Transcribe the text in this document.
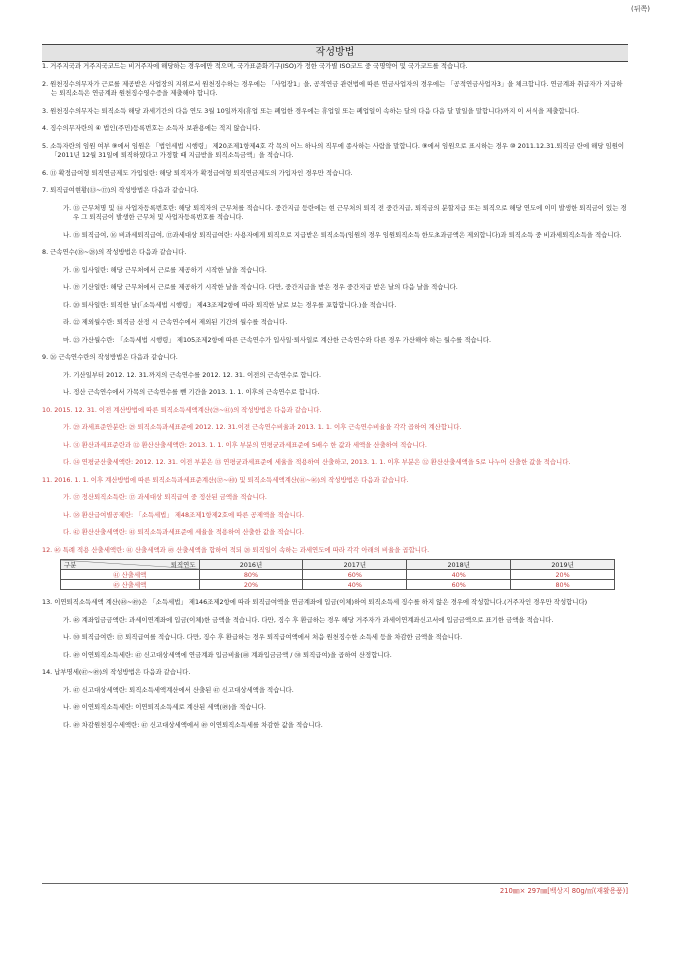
(뒤쪽)
작성방법

1. 거주지국과 거주지국코드는 비거주자에 해당하는 경우에만 적으며, 국가표준화기구(ISO)가 정한 국가별 ISO코드 중 국명약어 및 국가코드를 적습니다.

2. 원천징수의무자가 근로를 제공받은 사업장의 지위로서 원천징수하는 경우에는 「사업장1」을, 공적연금 관련법에 따른 연금사업자의 경우에는 「공적연금사업자3」을 체크합니다. 연금계좌 취급자가 지급하는 퇴직소득은 연금계좌 원천징수영수증을 제출해야 합니다.

3. 원천징수의무자는 퇴직소득 해당 과세기간의 다음 연도 3월 10일까지(휴업 또는 폐업한 경우에는 휴업일 또는 폐업일이 속하는 달의 다음 다음 달 말일을 말합니다)까지 이 서식을 제출합니다.

4. 징수의무자란의 ④ 법인(주민)등록번호는 소득자 보관용에는 적지 않습니다.

5. 소득자란의 임원 여부 ⑨에서 임원은 「법인세법 시행령」 제20조제1항제4호 각 목의 어느 하나의 직무에 종사하는 사람을 말합니다. ⑨에서 임원으로 표시하는 경우 ⑩ 2011.12.31.퇴직금 란에 해당 임원이 「2011년 12월 31일에 퇴직하였다고 가정할 때 지급받을 퇴직소득금액」을 적습니다.

6. ⑪ 확정급여형 퇴직연금제도 가입일란: 해당 퇴직자가 확정급여형 퇴직연금제도의 가입자인 경우만 적습니다.

7. 퇴직급여현황(⑬~⑰)의 작성방법은 다음과 같습니다.

가. ⑬ 근무처명 및 ⑭ 사업자등록번호란: 해당 퇴직자의 근무처를 적습니다. 중간지급 등란에는 현 근무처의 퇴직 전 중간지급, 퇴직금의 분할지급 또는 퇴직으로 해당 연도에 이미 발생한 퇴직금이 있는 경우 그 퇴직금이 발생한 근무처 및 사업자등록번호를 적습니다.

나. ⑮ 퇴직급여, ⑯ 비과세퇴직급여, ⑰과세대상 퇴직급여란: 사용자에게 퇴직으로 지급받은 퇴직소득(임원의 경우 임원퇴직소득 한도초과금액은 제외합니다)과 퇴직소득 중 비과세퇴직소득을 적습니다.

8. 근속연수(⑱~㉘)의 작성방법은 다음과 같습니다.

가. ⑱ 입사일란: 해당 근무처에서 근로를 제공하기 시작한 날을 적습니다.

나. ⑲ 기산일란: 해당 근무처에서 근로를 제공하기 시작한 날을 적습니다. 다만, 중간지급을 받은 경우 중간지급 받은 날의 다음 날을 적습니다.

다. ⑳ 퇴사일란: 퇴직한 날(「소득세법 시행령」 제43조제2항에 따라 퇴직한 날로 보는 경우를 포함합니다.)을 적습니다.

라. ㉒ 제외월수란: 퇴직금 산정 시 근속연수에서 제외된 기간의 월수를 적습니다.

마. ㉓ 가산월수란: 「소득세법 시행령」 제105조제2항에 따른 근속연수가 입사일·퇴사일로 계산한 근속연수와 다른 경우 가산해야 하는 월수를 적습니다.

9. ㉖ 근속연수란의 작성방법은 다음과 같습니다.

가. 기산일부터 2012. 12. 31.까지의 근속연수를 2012. 12. 31. 이전의 근속연수로 합니다.

나. 정산 근속연수에서 가목의 근속연수를 뺀 기간을 2013. 1. 1. 이후의 근속연수로 합니다.

10. 2015. 12. 31. 이전 계산방법에 따른 퇴직소득세액계산(㉙~㊶)의 작성방법은 다음과 같습니다.

가. ㉙ 과세표준안분란: ㉙ 퇴직소득과세표준에 2012. 12. 31.이전 근속연수비율과 2013. 1. 1. 이후 근속연수비율을 각각 곱하여 계산합니다.

나. ㉛ 환산과세표준란과 ㉜ 환산산출세액란: 2013. 1. 1. 이후 부분의 연평균과세표준에 5배수 한 값과 세액을 산출하여 적습니다.

다. ㉞ 연평균산출세액란: 2012. 12. 31. 이전 부분은 ㉝ 연평균과세표준에 세율을 적용하여 산출하고, 2013. 1. 1. 이후 부분은 ㉜ 환산산출세액을 5로 나누어 산출한 값을 적습니다.

11. 2016. 1. 1. 이후 계산방법에 따른 퇴직소득과세표준계산(㊲~㊵) 및 퇴직소득세액계산(㊶~㊻)의 작성방법은 다음과 같습니다.

가. ㊲ 정산퇴직소득란: ⑰ 과세대상 퇴직급여 중 정산된 금액을 적습니다.

나. ㊳ 환산급여별공제란: 「소득세법」 제48조제1항제2호에 따른 공제액을 적습니다.

다. ㊷ 환산산출세액란: ㊶ 퇴직소득과세표준에 세율을 적용하여 산출한 값을 적습니다.

12. ㊻ 특례 적용 산출세액란: ㊶ 산출세액과 ㊺ 산출세액을 합하여 적되 ⑳ 퇴직일이 속하는 과세연도에 따라 각각 아래의 비율을 곱합니다.

퇴직연도
구분	2016년	2017년	2018년	2019년
㊶ 산출세액	80%	60%	40%	20%
㊺ 산출세액	20%	40%	60%	80%

13. 이연퇴직소득세액 계산(㊽~㊾)은 「소득세법」 제146조제2항에 따라 퇴직급여액을 연금계좌에 입금(이체)하여 퇴직소득세 징수를 하지 않은 경우에 작성합니다.(거주자인 경우만 작성합니다)

가. ㊽ 계좌입금금액란: 과세이연계좌에 입금(이체)한 금액을 적습니다. 다만, 징수 후 환급하는 경우 해당 거주자가 과세이연계좌신고서에 입금금액으로 표기한 금액을 적습니다.

나. ㊿ 퇴직급여란: ⑰ 퇴직급여를 적습니다. 다만, 징수 후 환급하는 경우 퇴직급여액에서 처음 원천징수한 소득세 등을 차감한 금액을 적습니다.

다. ㊾ 이연퇴직소득세란: ㊼ 신고대상세액에 연금계좌 입금비율(㊽ 계좌입금금액 / ㊿ 퇴직급여)을 곱하여 산정합니다.

14. 납부명세(㊼~㊾)의 작성방법은 다음과 같습니다.

가. ㊼ 신고대상세액란: 퇴직소득세액계산에서 산출된 ㊼ 신고대상세액을 적습니다.

나. ㊾ 이연퇴직소득세란: 이연퇴직소득세로 계산된 세액(㊾)을 적습니다.

다. ㊾ 차감원천징수세액란: ㊼ 신고대상세액에서 ㊾ 이연퇴직소득세를 차감한 값을 적습니다.

210㎜× 297㎜[백상지 80g/㎡(재활용품)]
